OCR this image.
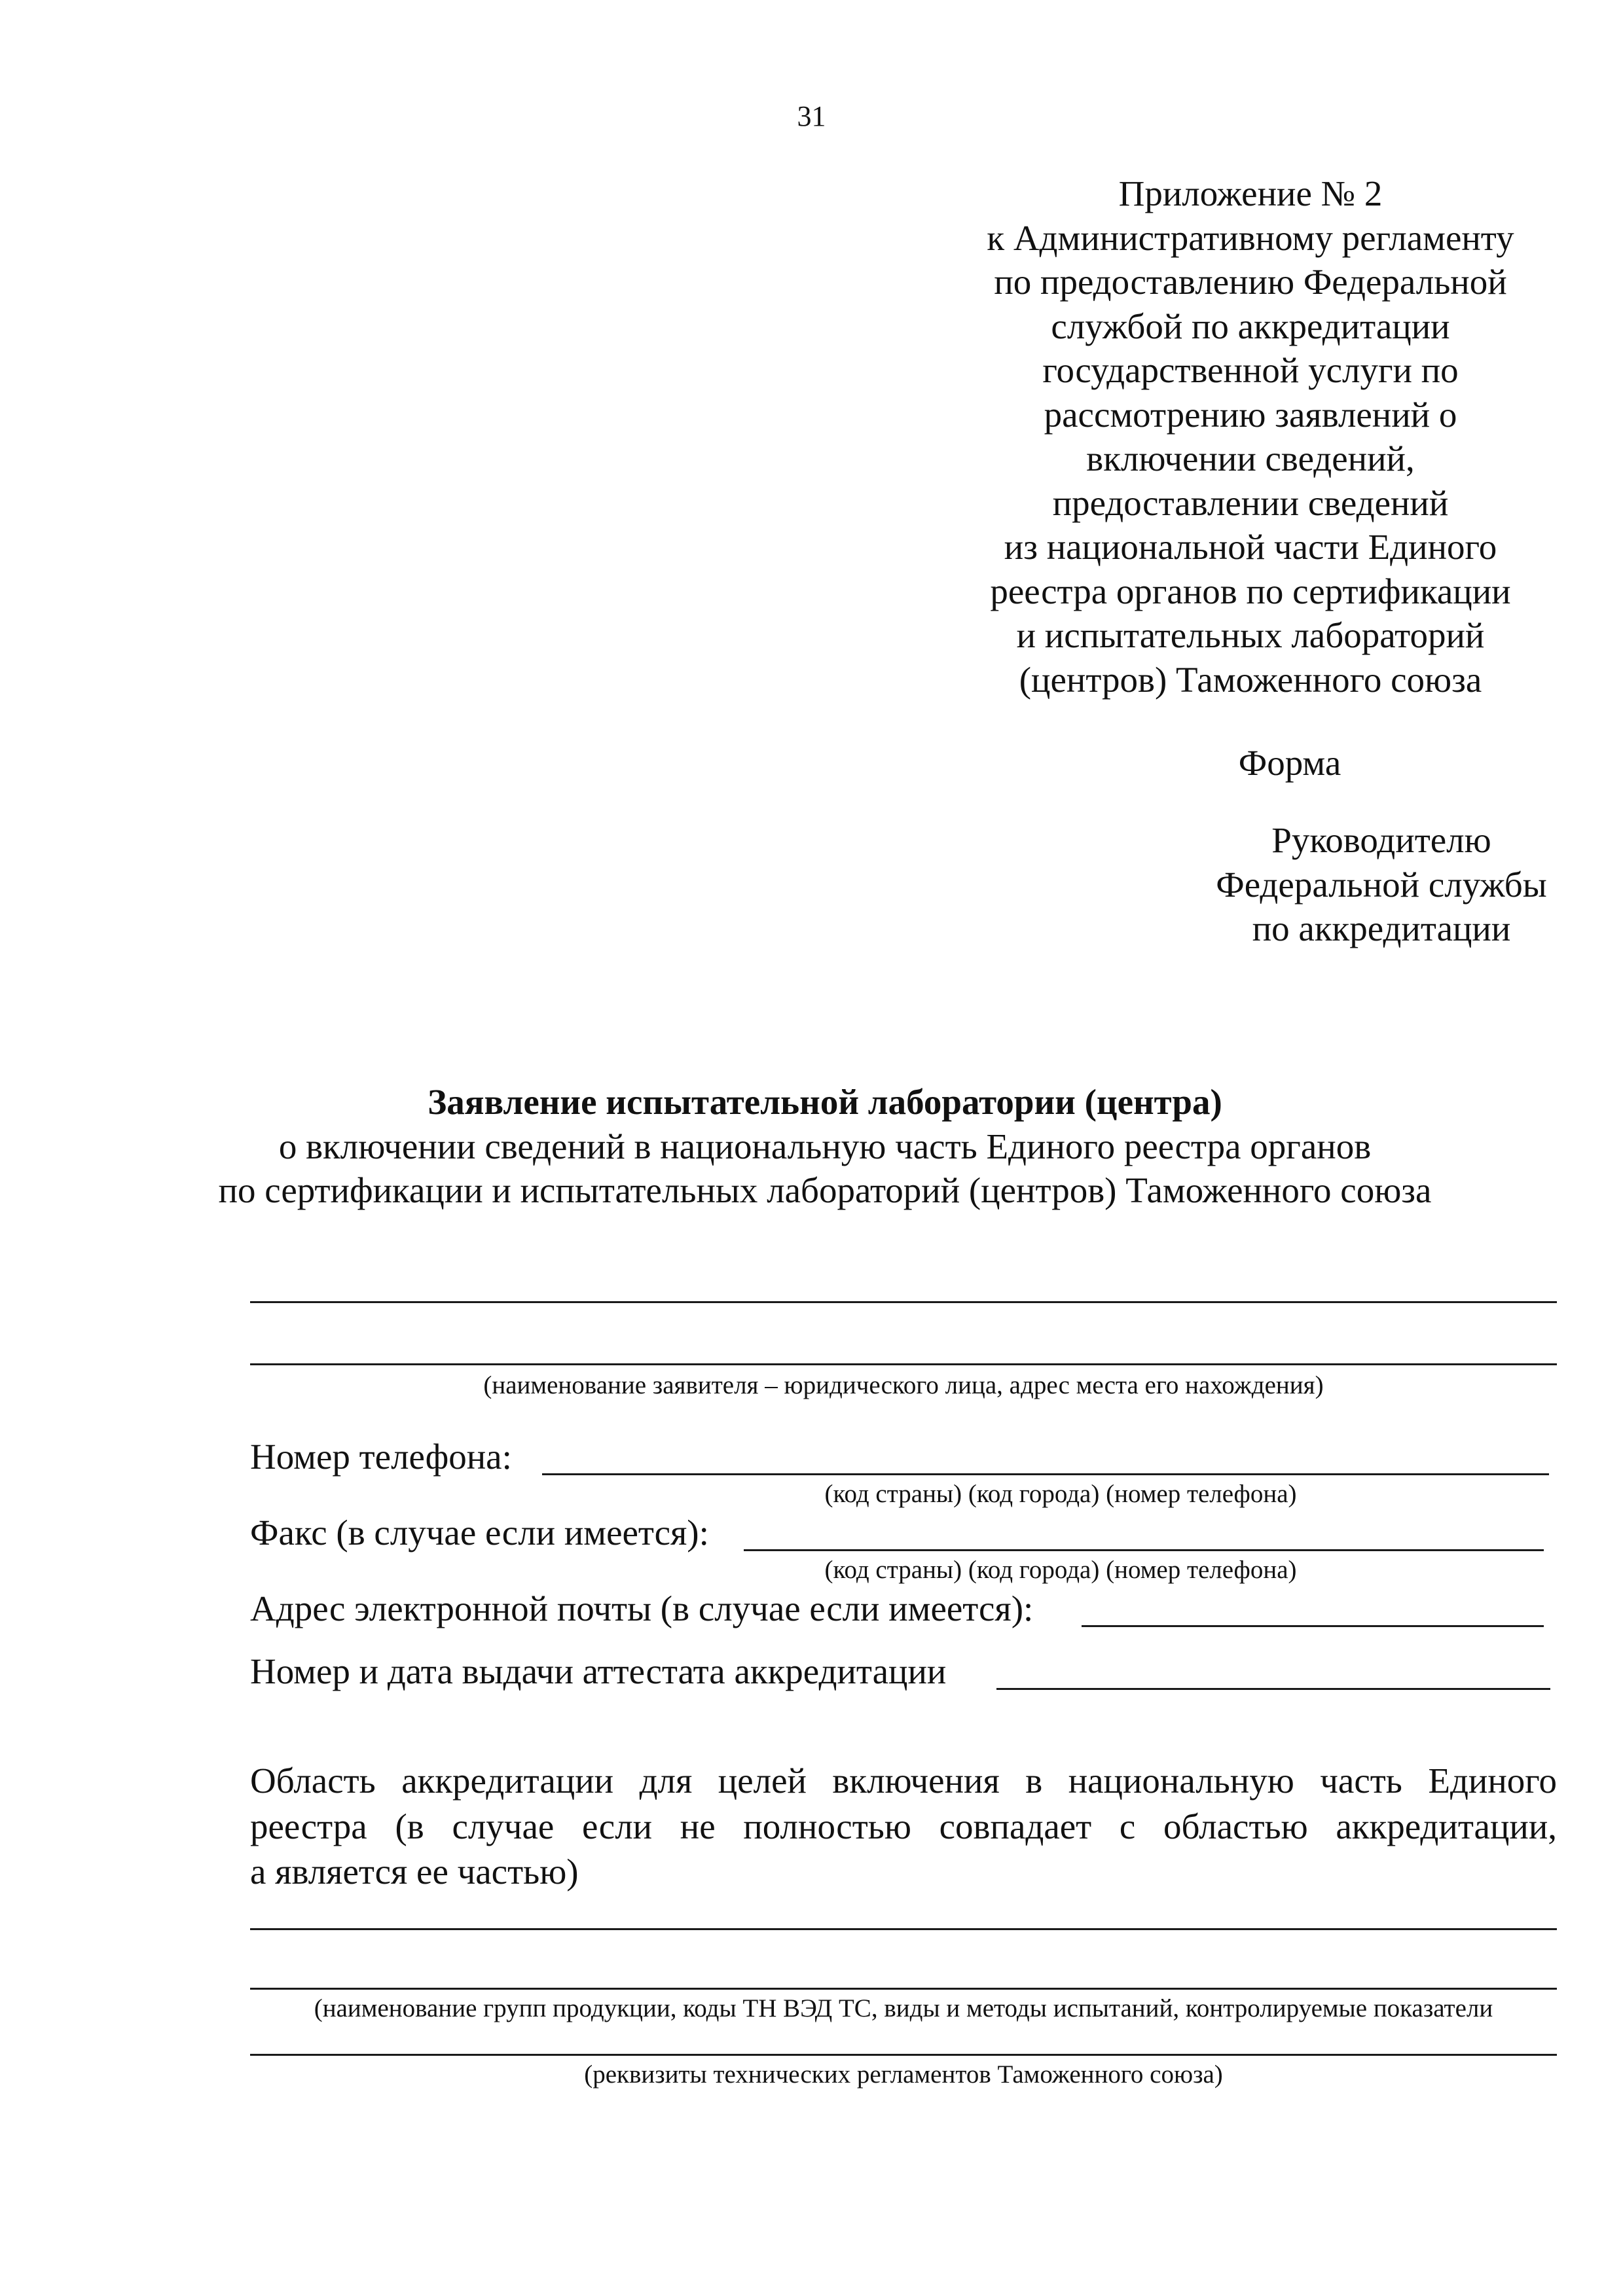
31
Приложение № 2
к Административному регламенту
по предоставлению Федеральной
службой по аккредитации
государственной услуги по
рассмотрению заявлений о
включении сведений,
предоставлении сведений
из национальной части Единого
реестра органов по сертификации
и испытательных лабораторий
(центров) Таможенного союза
Форма
Руководителю
Федеральной службы
по аккредитации
Заявление испытательной лаборатории (центра)
о включении сведений в национальную часть Единого реестра органов
по сертификации и испытательных лабораторий (центров) Таможенного союза
(наименование заявителя – юридического лица, адрес места его нахождения)
Номер телефона:
(код страны) (код города) (номер телефона)
Факс (в случае если имеется):
(код страны) (код города) (номер телефона)
Адрес электронной почты (в случае если имеется):
Номер и дата выдачи аттестата аккредитации
Область аккредитации для целей включения в национальную часть Единого
реестра (в случае если не полностью совпадает с областью аккредитации,
а является ее частью)
(наименование групп продукции, коды ТН ВЭД ТС, виды и методы испытаний, контролируемые показатели
(реквизиты технических регламентов Таможенного союза)
